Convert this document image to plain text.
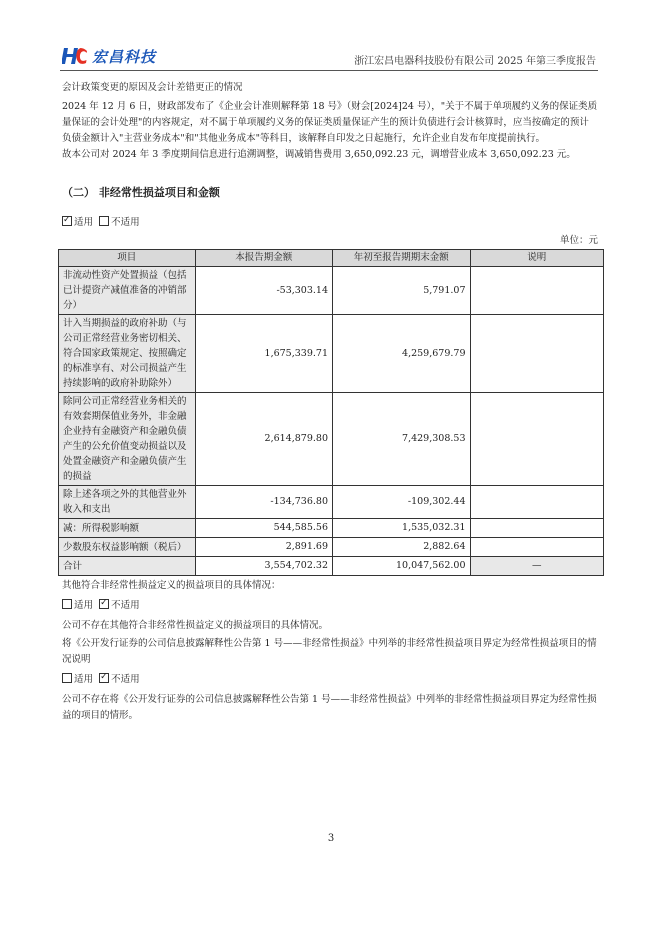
宏昌科技	浙江宏昌电器科技股份有限公司 2025 年第三季度报告

会计政策变更的原因及会计差错更正的情况

2024 年 12 月 6 日，财政部发布了《企业会计准则解释第 18 号》（财会[2024]24 号），"关于不属于单项履约义务的保证类质量保证的会计处理"的内容规定，对不属于单项履约义务的保证类质量保证产生的预计负债进行会计核算时，应当按确定的预计负债金额计入"主营业务成本"和"其他业务成本"等科目，该解释自印发之日起施行，允许企业自发布年度提前执行。

故本公司对 2024 年 3 季度期间信息进行追溯调整，调减销售费用 3,650,092.23 元，调增营业成本 3,650,092.23 元。

（二） 非经常性损益项目和金额
✓适用 不适用
单位：元
项目	本报告期金额	年初至报告期期末金额	说明
非流动性资产处置损益（包括已计提资产减值准备的冲销部分）	-53,303.14	5,791.07	
计入当期损益的政府补助（与公司正常经营业务密切相关、符合国家政策规定、按照确定的标准享有、对公司损益产生持续影响的政府补助除外）	1,675,339.71	4,259,679.79	
除同公司正常经营业务相关的有效套期保值业务外，非金融企业持有金融资产和金融负债产生的公允价值变动损益以及处置金融资产和金融负债产生的损益	2,614,879.80	7,429,308.53	
除上述各项之外的其他营业外收入和支出	-134,736.80	-109,302.44	
减：所得税影响额	544,585.56	1,535,032.31	
少数股东权益影响额（税后）	2,891.69	2,882.64	
合计	3,554,702.32	10,047,562.00	—

其他符合非经常性损益定义的损益项目的具体情况：

适用 ✓ 不适用

公司不存在其他符合非经常性损益定义的损益项目的具体情况。

将《公开发行证券的公司信息披露解释性公告第 1 号——非经常性损益》中列举的非经常性损益项目界定为经常性损益项目的情况说明

适用 ✓ 不适用

公司不存在将《公开发行证券的公司信息披露解释性公告第 1 号——非经常性损益》中列举的非经常性损益项目界定为经常性损益的项目的情形。

3
